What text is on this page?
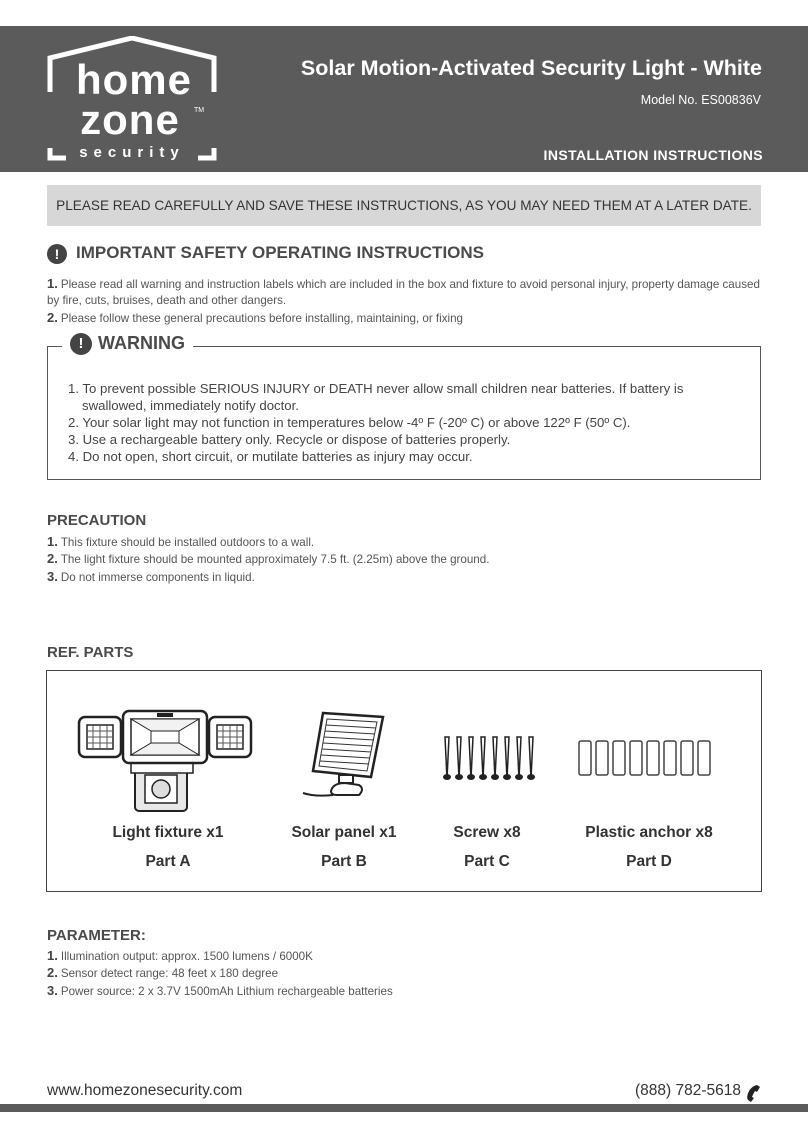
home
zone TM
security
Solar Motion-Activated Security Light - White
Model No. ES00836V
INSTALLATION INSTRUCTIONS
PLEASE READ CAREFULLY AND SAVE THESE INSTRUCTIONS, AS YOU MAY NEED THEM AT A LATER DATE.
! IMPORTANT SAFETY OPERATING INSTRUCTIONS
1. Please read all warning and instruction labels which are included in the box and fixture to avoid personal injury, property damage caused by fire, cuts, bruises, death and other dangers.
2. Please follow these general precautions before installing, maintaining, or fixing
! WARNING
1. To prevent possible SERIOUS INJURY or DEATH never allow small children near batteries. If battery is swallowed, immediately notify doctor.
2. Your solar light may not function in temperatures below -4º F (-20º C) or above 122º F (50º C).
3. Use a rechargeable battery only. Recycle or dispose of batteries properly.
4. Do not open, short circuit, or mutilate batteries as injury may occur.
PRECAUTION
1. This fixture should be installed outdoors to a wall.
2. The light fixture should be mounted approximately 7.5 ft. (2.25m) above the ground.
3. Do not immerse components in liquid.
REF. PARTS
Light fixture x1
Part A
Solar panel x1
Part B
Screw x8
Part C
Plastic anchor x8
Part D
PARAMETER:
1. Illumination output: approx. 1500 lumens / 6000K
2. Sensor detect range: 48 feet x 180 degree
3. Power source: 2 x 3.7V 1500mAh Lithium rechargeable batteries
www.homezonesecurity.com	(888) 782-5618
